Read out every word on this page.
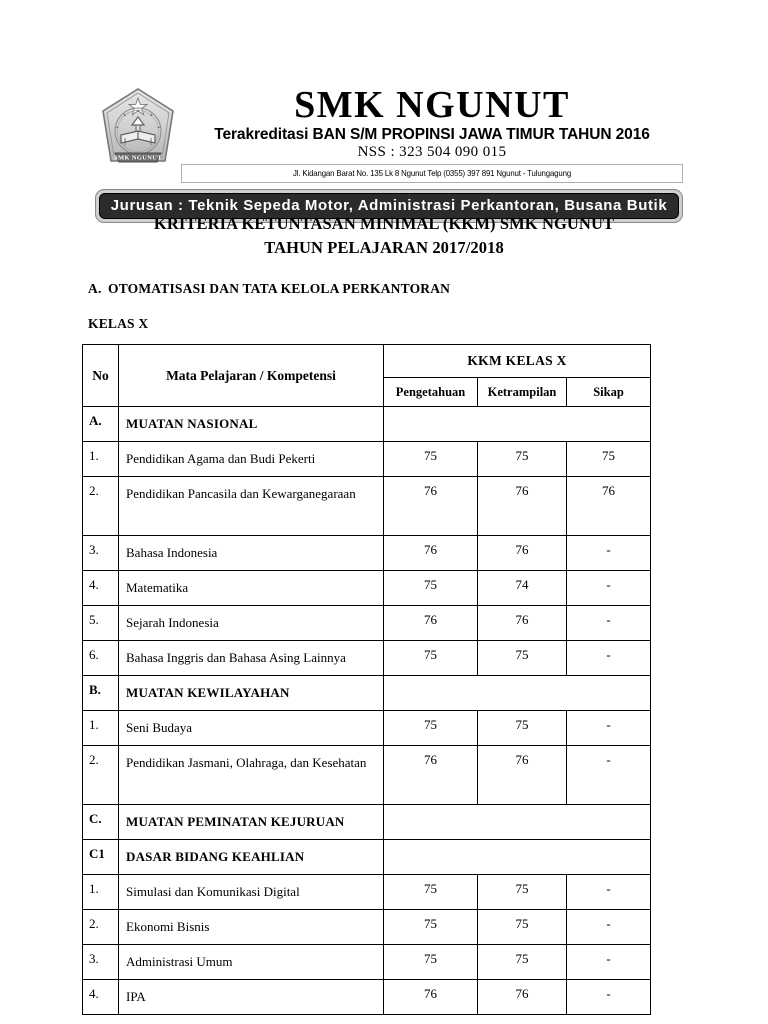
SMK NGUNUT
SMK NGUNUT
Terakreditasi BAN S/M PROPINSI JAWA TIMUR TAHUN 2016
NSS : 323 504 090 015
Jl. Kidangan Barat No. 135 Lk 8 Ngunut Telp (0355) 397 891 Ngunut - Tulungagung
Jurusan : Teknik Sepeda Motor, Administrasi Perkantoran, Busana Butik
KRITERIA KETUNTASAN MINIMAL (KKM) SMK NGUNUT
TAHUN PELAJARAN 2017/2018
A. OTOMATISASI DAN TATA KELOLA PERKANTORAN
KELAS X
No	Mata Pelajaran / Kompetensi	KKM KELAS X		
		Pengetahuan	Ketrampilan	Sikap
A.	MUATAN NASIONAL			
1.	Pendidikan Agama dan Budi Pekerti	75	75	75
2.	Pendidikan Pancasila dan Kewarganegaraan	76	76	76
3.	Bahasa Indonesia	76	76	-
4.	Matematika	75	74	-
5.	Sejarah Indonesia	76	76	-
6.	Bahasa Inggris dan Bahasa Asing Lainnya	75	75	-
B.	MUATAN KEWILAYAHAN			
1.	Seni Budaya	75	75	-
2.	Pendidikan Jasmani, Olahraga, dan Kesehatan	76	76	-
C.	MUATAN PEMINATAN KEJURUAN			
C1	DASAR BIDANG KEAHLIAN			
1.	Simulasi dan Komunikasi Digital	75	75	-
2.	Ekonomi Bisnis	75	75	-
3.	Administrasi Umum	75	75	-
4.	IPA	76	76	-
